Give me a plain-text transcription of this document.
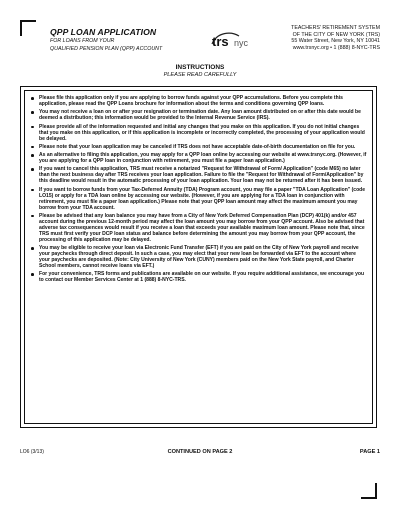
QPP LOAN APPLICATION
FOR LOANS FROM YOUR
QUALIFIED PENSION PLAN (QPP) ACCOUNT	trs nyc
TEACHERS' RETIREMENT SYSTEM
OF THE CITY OF NEW YORK (TRS)
55 Water Street, New York, NY 10041
www.trsnyc.org • 1 (888) 8-NYC-TRS
INSTRUCTIONS
PLEASE READ CAREFULLY
Please file this application only if you are applying to borrow funds against your QPP accumulations. Before you complete this application, please read the QPP Loans brochure for information about the terms and conditions governing QPP loans.
You may not receive a loan on or after your resignation or termination date. Any loan amount distributed on or after this date would be deemed a distribution; this information would be provided to the Internal Revenue Service (IRS).
Please provide all of the information requested and initial any changes that you make on this application. If you do not initial changes that you make on this application, or if this application is incomplete or incorrectly completed, the processing of your application would be delayed.
Please note that your loan application may be canceled if TRS does not have acceptable date-of-birth documentation on file for you.
As an alternative to filing this application, you may apply for a QPP loan online by accessing our website at www.trsnyc.org. (However, if you are applying for a QPP loan in conjunction with retirement, you must file a paper loan application.)
If you want to cancel this application, TRS must receive a notarized "Request for Withdrawal of Form/ Application" (code M65) no later than the next business day after TRS receives your loan application. Failure to file the "Request for Withdrawal of Form/Application" by this deadline would result in the automatic processing of your loan application. Your loan may not be returned after it has been issued.
If you want to borrow funds from your Tax-Deferred Annuity (TDA) Program account, you may file a paper "TDA Loan Application" (code LO15) or apply for a TDA loan online by accessing our website. (However, if you are applying for a TDA loan in conjunction with retirement, you must file a paper loan application.) Please note that your QPP loan amount may affect the maximum amount you may borrow from your TDA account.
Please be advised that any loan balance you may have from a City of New York Deferred Compensation Plan (DCP) 401(k) and/or 457 account during the previous 12-month period may affect the loan amount you may borrow from your QPP account. Also be advised that adverse tax consequences would result if you receive a loan that exceeds your available maximum loan amount. Please note that, since TRS must first verify your DCP loan status and balance before determining the amount you may borrow from your QPP account, the processing of this application may be delayed.
You may be eligible to receive your loan via Electronic Fund Transfer (EFT) if you are paid on the City of New York payroll and receive your paychecks through direct deposit. In such a case, you may elect that your new loan be forwarded via EFT to the account where your paychecks are deposited. (Note: City University of New York (CUNY) members paid on the New York State payroll, and Charter School members, cannot receive loans via EFT.)
For your convenience, TRS forms and publications are available on our website. If you require additional assistance, we encourage you to contact our Member Services Center at 1 (888) 8-NYC-TRS.
LO6 (3/13)	CONTINUED ON PAGE 2	PAGE 1
